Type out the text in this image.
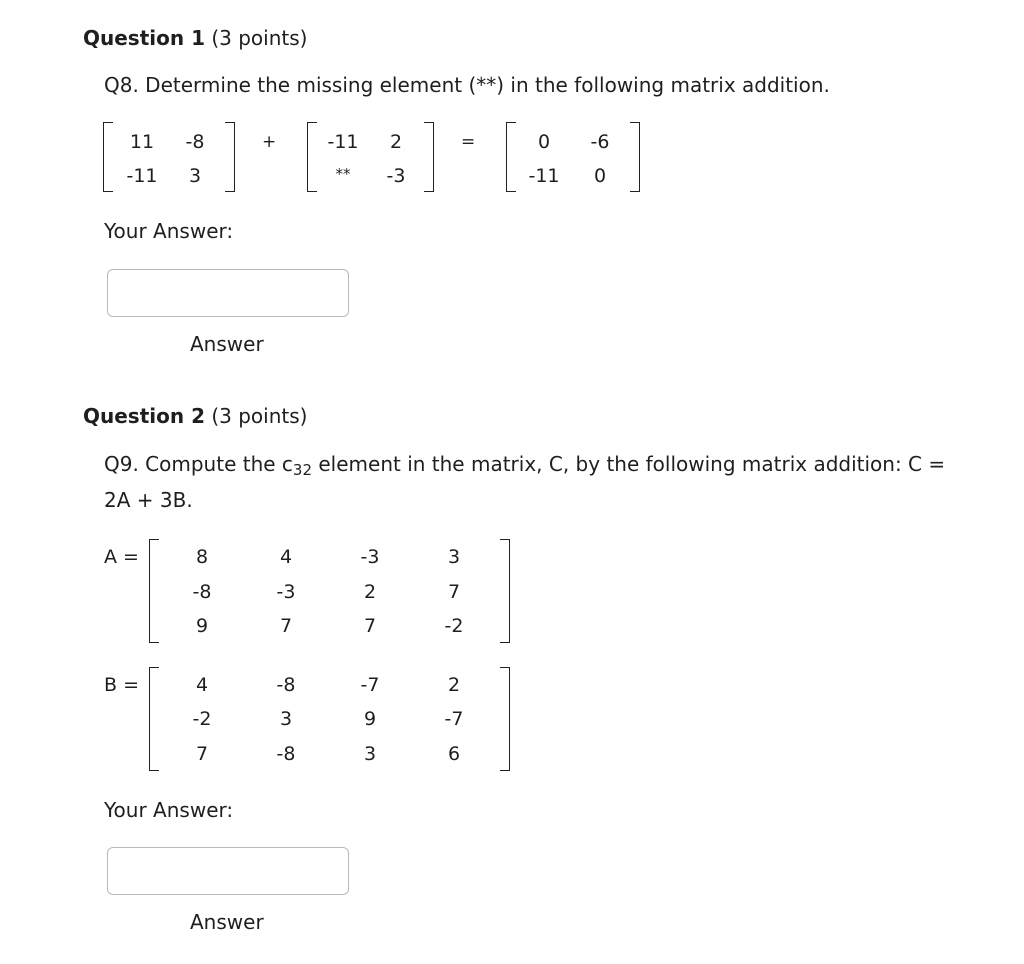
Question 1 (3 points)
Q8. Determine the missing element (**) in the following matrix addition.
11	-8
-11	3
+	-11	2
**	-3
=	0	-6
-11	0
Your Answer:
Answer
Question 2 (3 points)
Q9. Compute the $c_{32}$ element in the matrix, C, by the following matrix addition: C =
2A + 3B.
A =	8	4	-3	3
-8	-3	2	7
9	7	7	-2
B =	4	-8	-7	2
-2	3	9	-7
7	-8	3	6
Your Answer:
Answer
